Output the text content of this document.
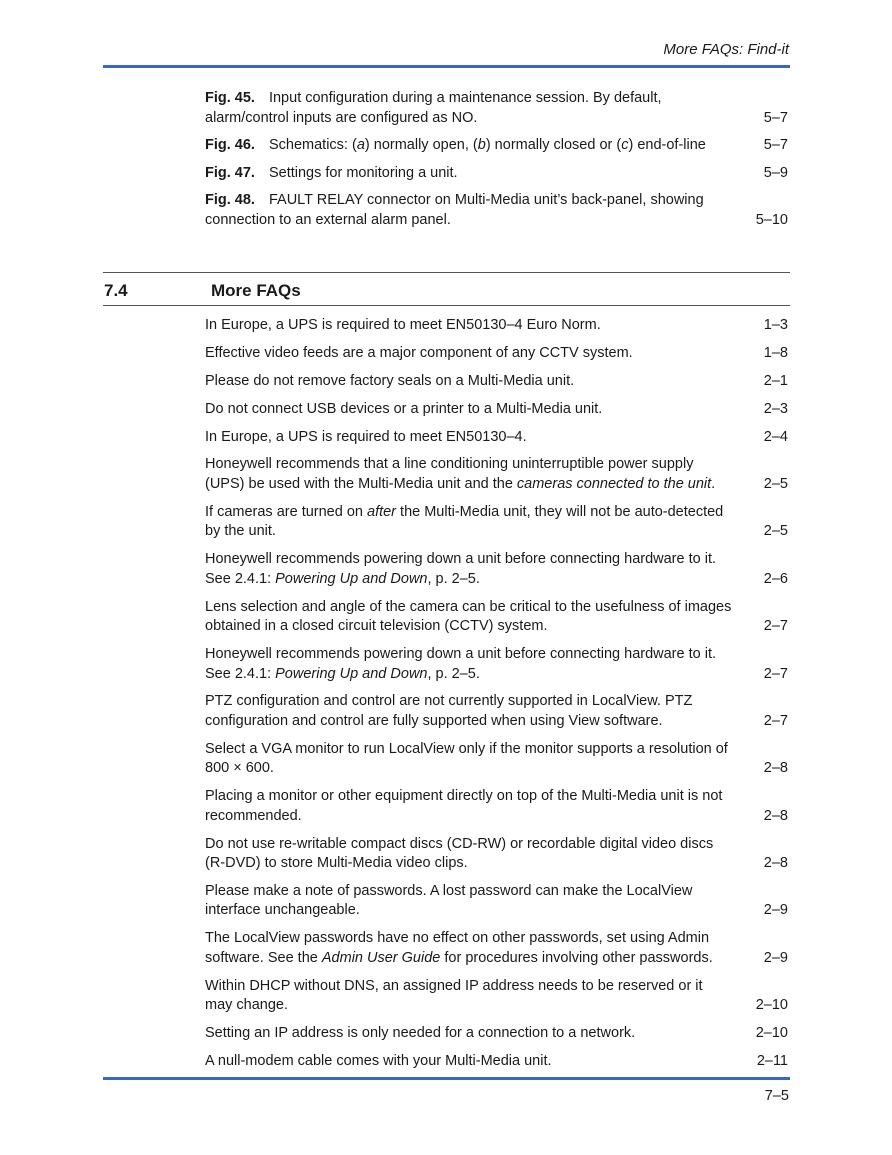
More FAQs: Find-it
Fig. 45. Input configuration during a maintenance session. By default, alarm/control inputs are configured as NO.	5–7
Fig. 46. Schematics: (a) normally open, (b) normally closed or (c) end-of-line	5–7
Fig. 47. Settings for monitoring a unit.	5–9
Fig. 48. FAULT RELAY connector on Multi-Media unit’s back-panel, showing connection to an external alarm panel.	5–10
7.4	More FAQs
In Europe, a UPS is required to meet EN50130–4 Euro Norm.	1–3
Effective video feeds are a major component of any CCTV system.	1–8
Please do not remove factory seals on a Multi-Media unit.	2–1
Do not connect USB devices or a printer to a Multi-Media unit.	2–3
In Europe, a UPS is required to meet EN50130–4.	2–4
Honeywell recommends that a line conditioning uninterruptible power supply (UPS) be used with the Multi-Media unit and the cameras connected to the unit.	2–5
If cameras are turned on after the Multi-Media unit, they will not be auto-detected by the unit.	2–5
Honeywell recommends powering down a unit before connecting hardware to it. See 2.4.1: Powering Up and Down, p. 2–5.	2–6
Lens selection and angle of the camera can be critical to the usefulness of images obtained in a closed circuit television (CCTV) system.	2–7
Honeywell recommends powering down a unit before connecting hardware to it. See 2.4.1: Powering Up and Down, p. 2–5.	2–7
PTZ configuration and control are not currently supported in LocalView. PTZ configuration and control are fully supported when using View software.	2–7
Select a VGA monitor to run LocalView only if the monitor supports a resolution of 800 × 600.	2–8
Placing a monitor or other equipment directly on top of the Multi-Media unit is not recommended.	2–8
Do not use re-writable compact discs (CD-RW) or recordable digital video discs (R-DVD) to store Multi-Media video clips.	2–8
Please make a note of passwords. A lost password can make the LocalView interface unchangeable.	2–9
The LocalView passwords have no effect on other passwords, set using Admin software. See the Admin User Guide for procedures involving other passwords.	2–9
Within DHCP without DNS, an assigned IP address needs to be reserved or it may change.	2–10
Setting an IP address is only needed for a connection to a network.	2–10
A null-modem cable comes with your Multi-Media unit.	2–11
7–5
